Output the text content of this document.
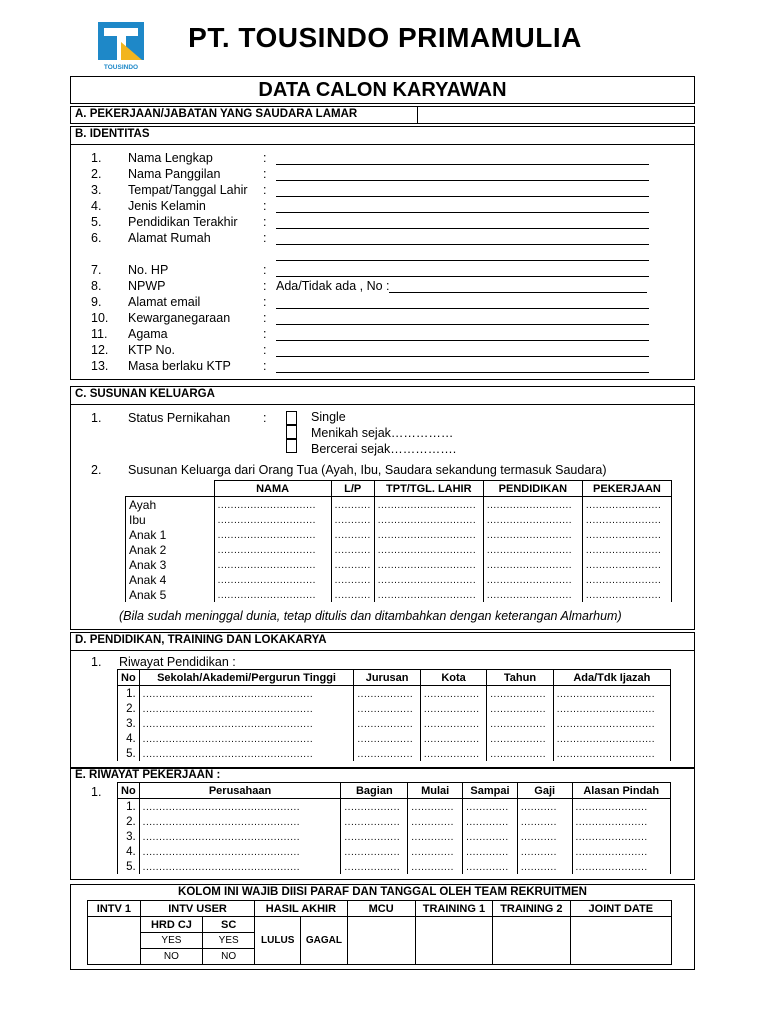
TOUSINDO
PT. TOUSINDO PRIMAMULIA
DATA CALON KARYAWAN
A. PEKERJAAN/JABATAN YANG SAUDARA LAMAR
B. IDENTITAS
1. Nama Lengkap	:
2. Nama Panggilan	:
3. Tempat/Tanggal Lahir :
4. Jenis Kelamin	:
5. Pendidikan Terakhir :
6. Alamat Rumah	:
7. No. HP	:
8. NPWP	: Ada/Tidak ada , No :
9. Alamat email	:
10. Kewarganegaraan	:
11. Agama	:
12. KTP No.	:
13. Masa berlaku KTP	:
C. SUSUNAN KELUARGA
1. Status Pernikahan	:	Single
Menikah sejak……………
Bercerai sejak…………….
2. Susunan Keluarga dari Orang Tua (Ayah, Ibu, Saudara sekandung termasuk Saudara)
(Bila sudah meninggal dunia, tetap ditulis dan ditambahkan dengan keterangan Almarhum)
	NAMA	L/P	TPT/TGL. LAHIR	PENDIDIKAN	PEKERJAAN
Ayah	..............................	...........	..............................	..........................	.......................
Ibu	..............................	...........	..............................	..........................	.......................
Anak 1	..............................	...........	..............................	..........................	.......................
Anak 2	..............................	...........	..............................	..........................	.......................
Anak 3	..............................	...........	..............................	..........................	.......................
Anak 4	..............................	...........	..............................	..........................	.......................
Anak 5	..............................	...........	..............................	..........................	.......................
D. PENDIDIKAN, TRAINING DAN LOKAKARYA
1. Riwayat Pendidikan :
No	Sekolah/Akademi/Pergurun Tinggi	Jurusan	Kota	Tahun	Ada/Tdk Ijazah
1.	....................................................	.................	.................	.................	..............................
2.	....................................................	.................	.................	.................	..............................
3.	....................................................	.................	.................	.................	..............................
4.	....................................................	.................	.................	.................	..............................
5.	....................................................	.................	.................	.................	..............................
E. RIWAYAT PEKERJAAN :
1. No	Perusahaan	Bagian	Mulai	Sampai	Gaji	Alasan Pindah
1.	................................................	.................	.............	.............	...........	......................
2.	................................................	.................	.............	.............	...........	......................
3.	................................................	.................	.............	.............	...........	......................
4.	................................................	.................	.............	.............	...........	......................
5.	................................................	.................	.............	.............	...........	......................
KOLOM INI WAJIB DIISI PARAF DAN TANGGAL OLEH TEAM REKRUITMEN
INTV 1	INTV USER		HASIL AKHIR		MCU	TRAINING 1	TRAINING 2	JOINT DATE
	HRD CJ	SC	LULUS	GAGAL				
	YES	YES						
	NO	NO						
